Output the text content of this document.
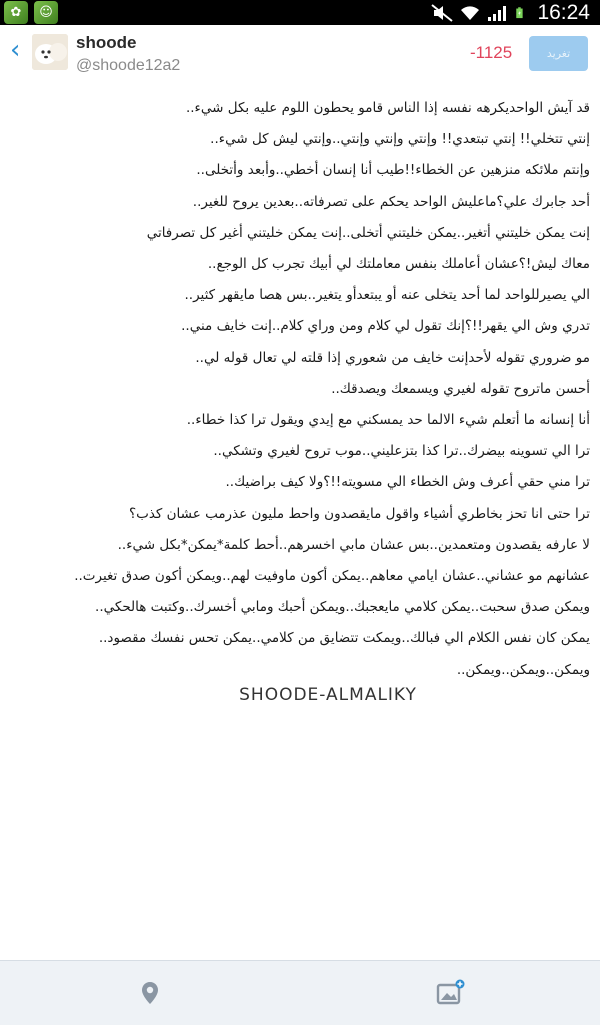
✿	☺	16:24
‹	shoode
@shoode12a2
-1125	تغريد
قد آيش الواحديكرهه نفسه إذا الناس قامو يحطون اللوم عليه بكل شيء..
إنتي تتخلي!! إنتي تبتعدي!! وإنتي وإنتي وإنتي..وإنتي ليش كل شيء..
وإنتم ملائكه منزهين عن الخطاء!!طيب أنا إنسان أخطي..وأبعد وأتخلى..
أحد جابرك علي؟ماعليش الواحد يحكم على تصرفاته..بعدين يروح للغير..
إنت يمكن خليتني أتغير..يمكن خليتني أتخلى..إنت يمكن خليتني أغير كل تصرفاتي
معاك ليش!؟عشان أعاملك بنفس معاملتك لي أبيك تجرب كل الوجع..
الي يصيرللواحد لما أحد يتخلى عنه أو يبتعدأو يتغير..بس هصا مايقهر كثير..
تدري وش الي يقهر!!؟إنك تقول لي كلام ومن وراي كلام..إنت خايف مني..
مو ضروري تقوله لأحدإنت خايف من شعوري إذا قلته لي تعال قوله لي..
أحسن ماتروح تقوله لغيري ويسمعك ويصدقك..
أنا إنسانه ما أتعلم شيء الالما حد يمسكني مع إيدي ويقول ترا كذا خطاء..
ترا الي تسوينه بيضرك..ترا كذا بتزعليني..موب تروح لغيري وتشكي..
ترا مني حقي أعرف وش الخطاء الي مسويته!!؟ولا كيف براضيك..
ترا حتى انا تحز بخاطري أشياء واقول مايقصدون واحط مليون عذرمب عشان كذب؟
لا عارفه يقصدون ومتعمدين..بس عشان مابي اخسرهم..أحط كلمة*يمكن*بكل شيء..
عشانهم مو عشاني..عشان ايامي معاهم..يمكن أكون ماوفيت لهم..ويمكن أكون صدق تغيرت..
ويمكن صدق سحبت..يمكن كلامي مايعجبك..ويمكن أحبك ومابي أخسرك..وكتبت هالحكي..
يمكن كان نفس الكلام الي فبالك..ويمكت تتضايق من كلامي..يمكن تحس نفسك مقصود..
ويمكن..ويمكن..ويمكن..
SHOODE-ALMALIKY
